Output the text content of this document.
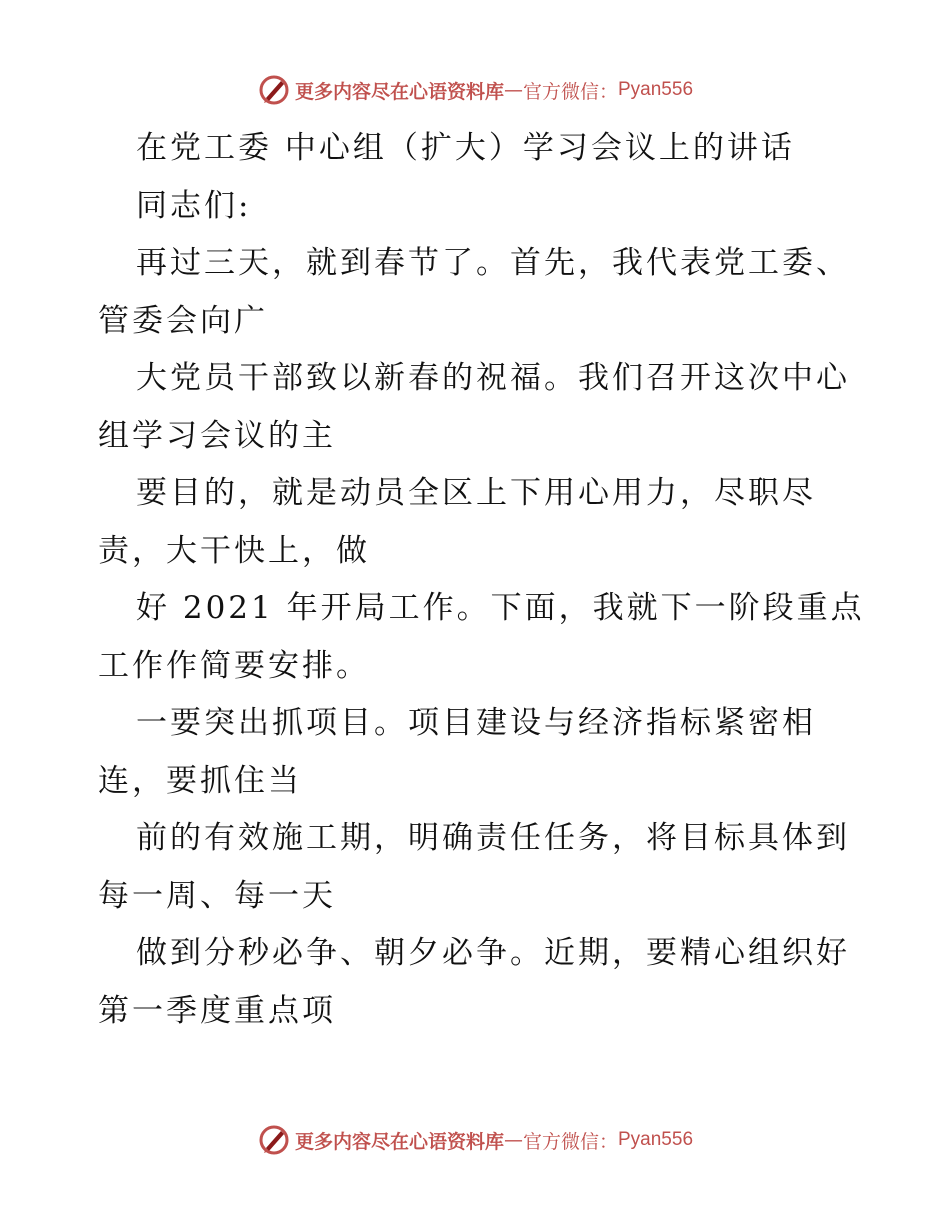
更多内容尽在心语资料库 — 官方微信： Pyan556
在党工委 中心组（扩大）学习会议上的讲话
同志们:
再过三天，就到春节了。首先，我代表党工委、
管委会向广
大党员干部致以新春的祝福。我们召开这次中心
组学习会议的主
要目的，就是动员全区上下用心用力，尽职尽
责，大干快上，做
好 2021 年开局工作。下面，我就下一阶段重点
工作作简要安排。
一要突出抓项目。项目建设与经济指标紧密相
连，要抓住当
前的有效施工期，明确责任任务，将目标具体到
每一周、每一天
做到分秒必争、朝夕必争。近期，要精心组织好
第一季度重点项
更多内容尽在心语资料库 — 官方微信： Pyan556
